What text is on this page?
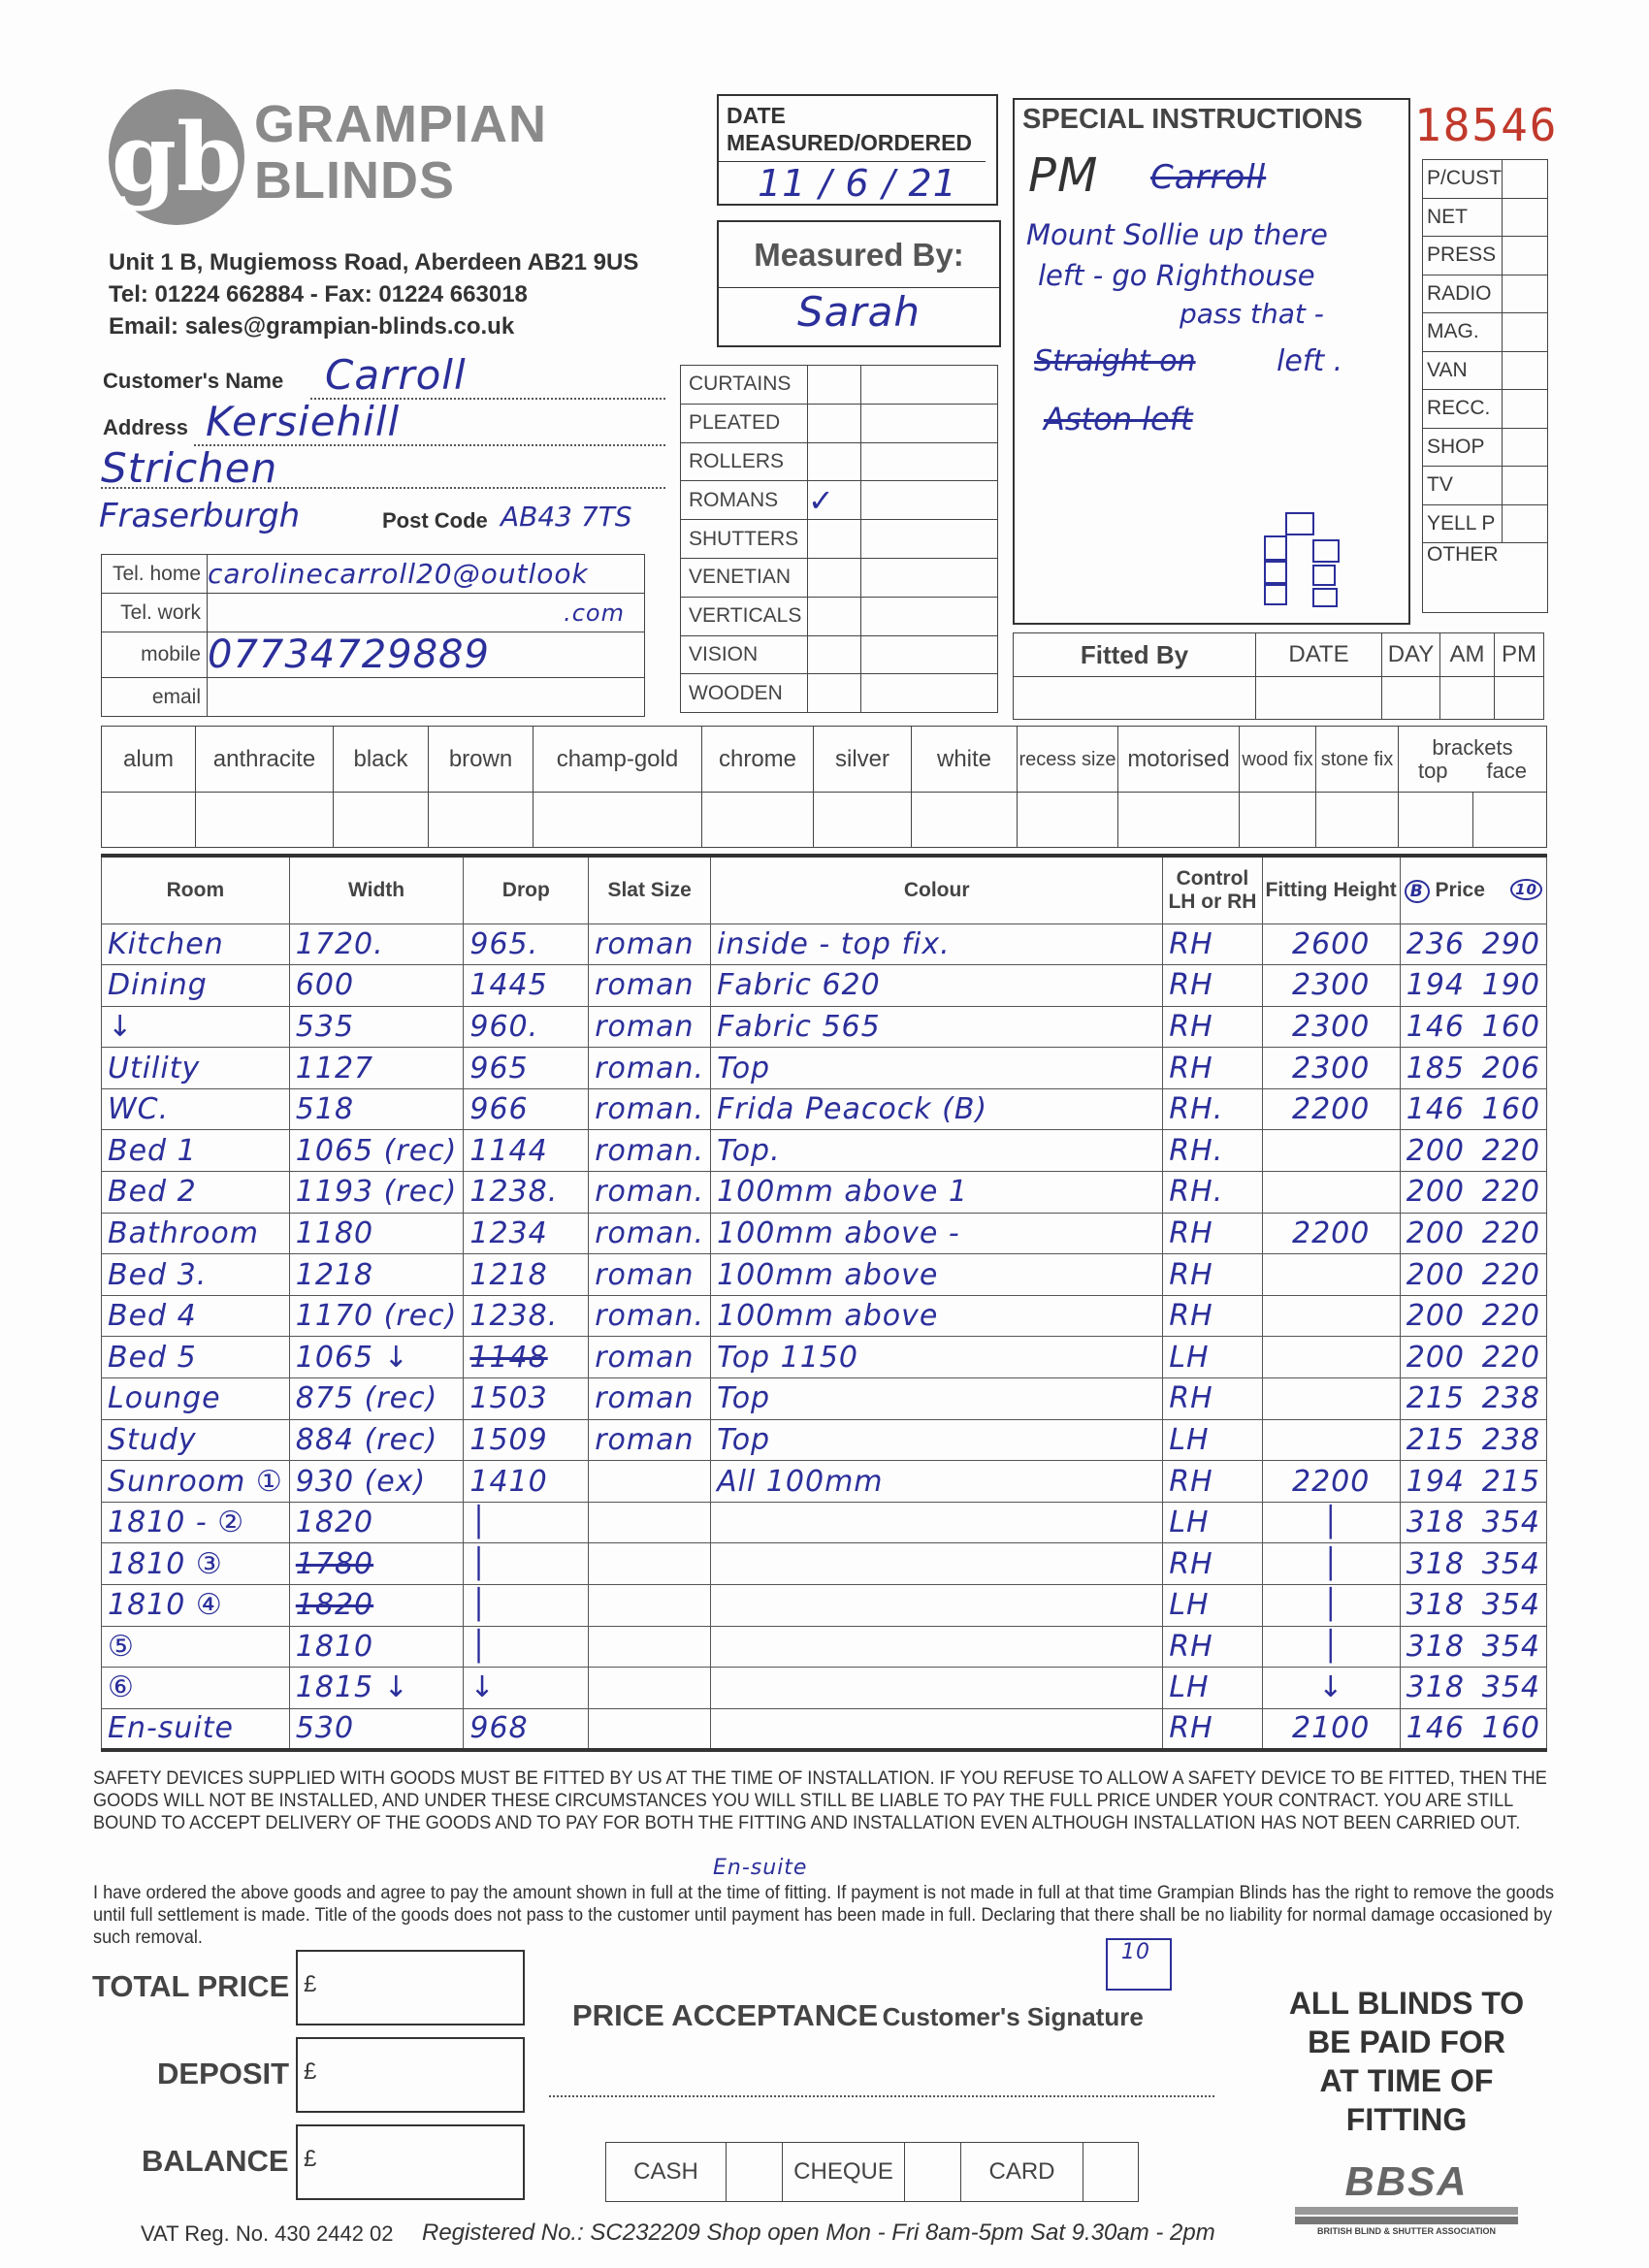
gb GRAMPIAN
BLINDS
Unit 1 B, Mugiemoss Road, Aberdeen AB21 9US
Tel: 01224 662884 - Fax: 01224 663018
Email: sales@grampian-blinds.co.uk
DATE MEASURED/ORDERED
11 / 6 / 21
Measured By:
Sarah
SPECIAL INSTRUCTIONS
PM Carroll
Mount Sollie up there
left - go Righthouse
pass that -
Straight on	left .
Aston left
18546
P/CUST	
NET	
PRESS	
RADIO	
MAG.	
VAN	
RECC.	
SHOP	
TV	
YELL P	
OTHER	
Customer's Name Carroll
Address Kersiehill
Strichen
Fraserburgh	Post Code AB43 7TS
Tel. home	carolinecarroll20@outlook
Tel. work	.com
mobile	07734729889
email	
CURTAINS		
PLEATED		
ROLLERS		
ROMANS	✓	
SHUTTERS		
VENETIAN		
VERTICALS		
VISION		
WOODEN		
Fitted By	DATE	DAY	AM	PM

alum	anthracite	black	brown	champ-gold	chrome	silver	white	recess size	motorised	wood fix	stone fix	brackets
top face	

Room	Width	Drop	Slat Size	Colour	Control LH or RH	Fitting Height	B Price 10

Kitchen	1720.	965.	roman	inside - top fix.	RH	2600	236 290
Dining	600	1445	roman	Fabric 620	RH	2300	194 190
↓	535	960.	roman	Fabric 565	RH	2300	146 160
Utility	1127	965	roman.	Top	RH	2300	185 206
WC.	518	966	roman.	Frida Peacock (B)	RH.	2200	146 160
Bed 1	1065 (rec)	1144	roman.	Top.	RH.		200 220
Bed 2	1193 (rec)	1238.	roman.	100mm above 1	RH.		200 220
Bathroom	1180	1234	roman.	100mm above -	RH	2200	200 220
Bed 3.	1218	1218	roman	100mm above	RH		200 220
Bed 4	1170 (rec)	1238.	roman.	100mm above	RH		200 220
Bed 5	1065 ↓	1148	roman	Top 1150	LH		200 220
Lounge	875 (rec)	1503	roman	Top	RH		215 238
Study	884 (rec)	1509	roman	Top	LH		215 238
Sunroom ①	930 (ex)	1410		All 100mm	RH	2200	194 215
1810 - ②	1820	│			LH	│	318 354
1810 ③	1780	│			RH	│	318 354
1810 ④	1820	│			LH	│	318 354
⑤	1810	│			RH	│	318 354
⑥	1815 ↓	↓			LH	↓	318 354
En-suite	530	968			RH	2100	146 160
SAFETY DEVICES SUPPLIED WITH GOODS MUST BE FITTED BY US AT THE TIME OF INSTALLATION. IF YOU REFUSE TO ALLOW A SAFETY DEVICE TO BE FITTED, THEN THE GOODS WILL NOT BE INSTALLED, AND UNDER THESE CIRCUMSTANCES YOU WILL STILL BE LIABLE TO PAY THE FULL PRICE UNDER YOUR CONTRACT. YOU ARE STILL BOUND TO ACCEPT DELIVERY OF THE GOODS AND TO PAY FOR BOTH THE FITTING AND INSTALLATION EVEN ALTHOUGH INSTALLATION HAS NOT BEEN CARRIED OUT.
En-suite
I have ordered the above goods and agree to pay the amount shown in full at the time of fitting. If payment is not made in full at that time Grampian Blinds has the right to remove the goods until full settlement is made. Title of the goods does not pass to the customer until payment has been made in full. Declaring that there shall be no liability for normal damage occasioned by such removal.
10
TOTAL PRICE £
DEPOSIT £
BALANCE £
PRICE ACCEPTANCE Customer's Signature
CASH		CHEQUE		CARD	
ALL BLINDS TO
BE PAID FOR
AT TIME OF
FITTING
BBSA
BRITISH BLIND & SHUTTER ASSOCIATION
VAT Reg. No. 430 2442 02 Registered No.: SC232209 Shop open Mon - Fri 8am-5pm Sat 9.30am - 2pm
